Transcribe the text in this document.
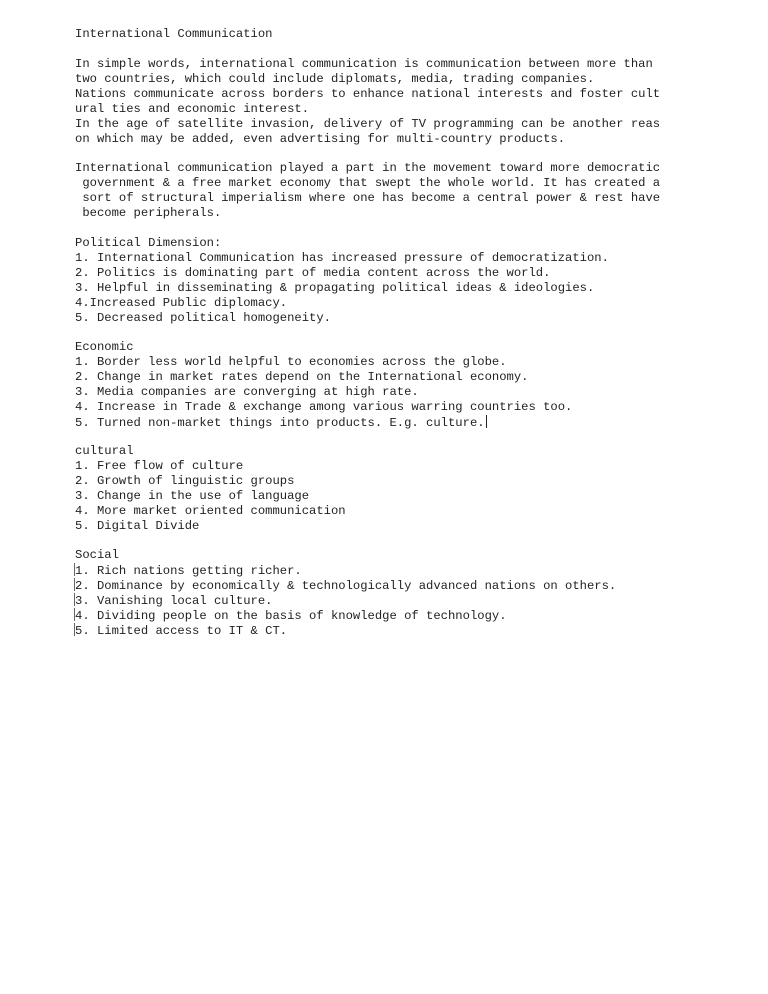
International Communication
In simple words, international communication is communication between more than
two countries, which could include diplomats, media, trading companies.
Nations communicate across borders to enhance national interests and foster cult
ural ties and economic interest.
In the age of satellite invasion, delivery of TV programming can be another reas
on which may be added, even advertising for multi-country products.
International communication played a part in the movement toward more democratic
government & a free market economy that swept the whole world. It has created a
sort of structural imperialism where one has become a central power & rest have
become peripherals.
Political Dimension:
1. International Communication has increased pressure of democratization.
2. Politics is dominating part of media content across the world.
3. Helpful in disseminating & propagating political ideas & ideologies.
4.Increased Public diplomacy.
5. Decreased political homogeneity.
Economic
1. Border less world helpful to economies across the globe.
2. Change in market rates depend on the International economy.
3. Media companies are converging at high rate.
4. Increase in Trade & exchange among various warring countries too.
5. Turned non-market things into products. E.g. culture.
cultural
1. Free flow of culture
2. Growth of linguistic groups
3. Change in the use of language
4. More market oriented communication
5. Digital Divide
Social
1. Rich nations getting richer.
2. Dominance by economically & technologically advanced nations on others.
3. Vanishing local culture.
4. Dividing people on the basis of knowledge of technology.
5. Limited access to IT & CT.
